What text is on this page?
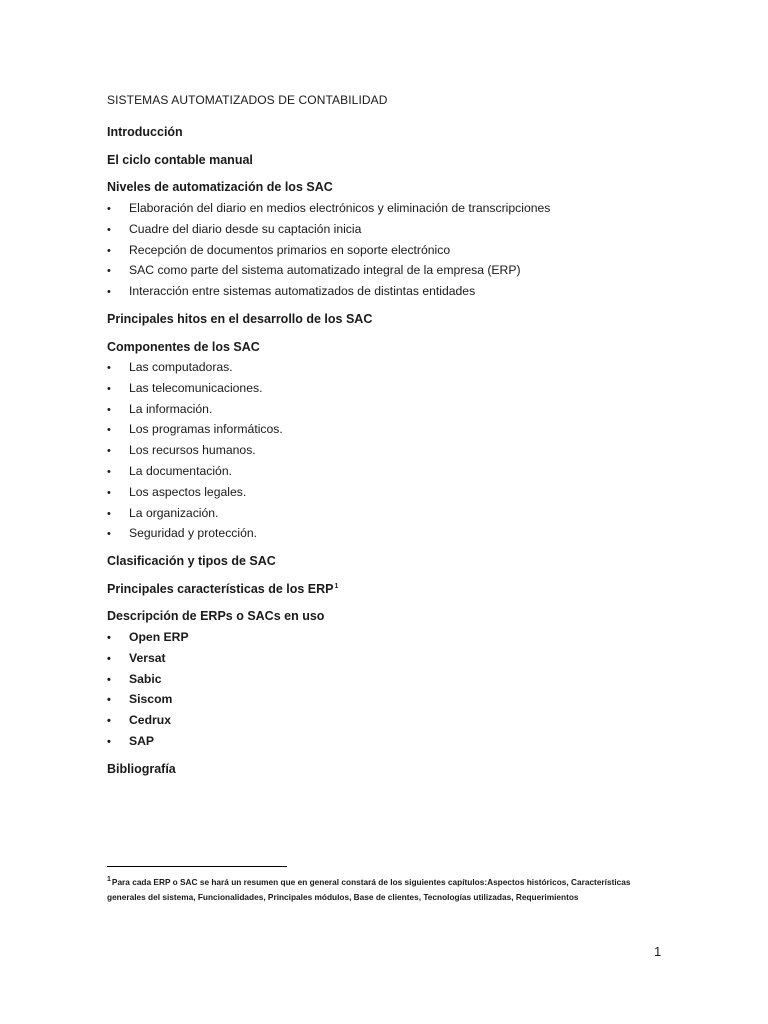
SISTEMAS AUTOMATIZADOS DE CONTABILIDAD
Introducción
El ciclo contable manual
Niveles de automatización de los SAC
• Elaboración del diario en medios electrónicos y eliminación de transcripciones
• Cuadre del diario desde su captación inicia
• Recepción de documentos primarios en soporte electrónico
• SAC como parte del sistema automatizado integral de la empresa (ERP)
• Interacción entre sistemas automatizados de distintas entidades
Principales hitos en el desarrollo de los SAC
Componentes de los SAC
• Las computadoras.
• Las telecomunicaciones.
• La información.
• Los programas informáticos.
• Los recursos humanos.
• La documentación.
• Los aspectos legales.
• La organización.
• Seguridad y protección.
Clasificación y tipos de SAC
Principales características de los ERP$^1$
Descripción de ERPs o SACs en uso
• Open ERP
• Versat
• Sabic
• Siscom
• Cedrux
• SAP
Bibliografía
$^1$Para cada ERP o SAC se hará un resumen que en general constará de los siguientes capítulos:Aspectos históricos, Características generales del sistema, Funcionalidades, Principales módulos, Base de clientes, Tecnologías utilizadas, Requerimientos
1
